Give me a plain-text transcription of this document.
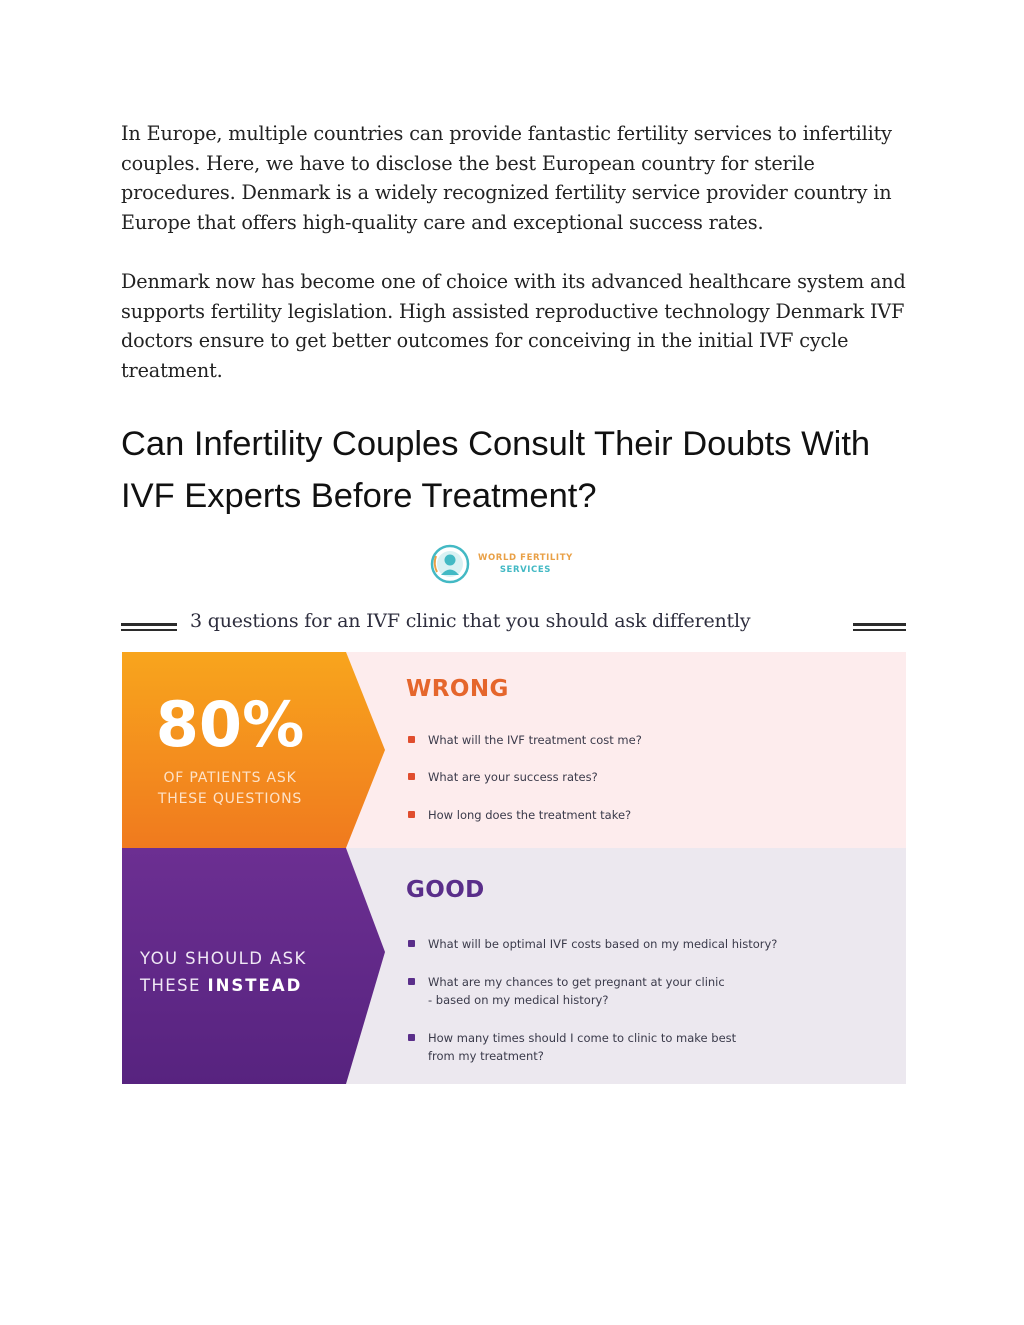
In Europe, multiple countries can provide fantastic fertility services to infertility couples. Here, we have to disclose the best European country for sterile procedures. Denmark is a widely recognized fertility service provider country in Europe that offers high-quality care and exceptional success rates.

Denmark now has become one of choice with its advanced healthcare system and supports fertility legislation. High assisted reproductive technology Denmark IVF doctors ensure to get better outcomes for conceiving in the initial IVF cycle treatment.

Can Infertility Couples Consult Their Doubts With IVF Experts Before Treatment?
WORLD FERTILITY
SERVICES
3 questions for an IVF clinic that you should ask differently
80%
OF PATIENTS ASK
THESE QUESTIONS
YOU SHOULD ASK
THESE INSTEAD
WRONG
What will the IVF treatment cost me?
What are your success rates?
How long does the treatment take?
GOOD
What will be optimal IVF costs based on my medical history?
What are my chances to get pregnant at your clinic
- based on my medical history?
How many times should I come to clinic to make best
from my treatment?
